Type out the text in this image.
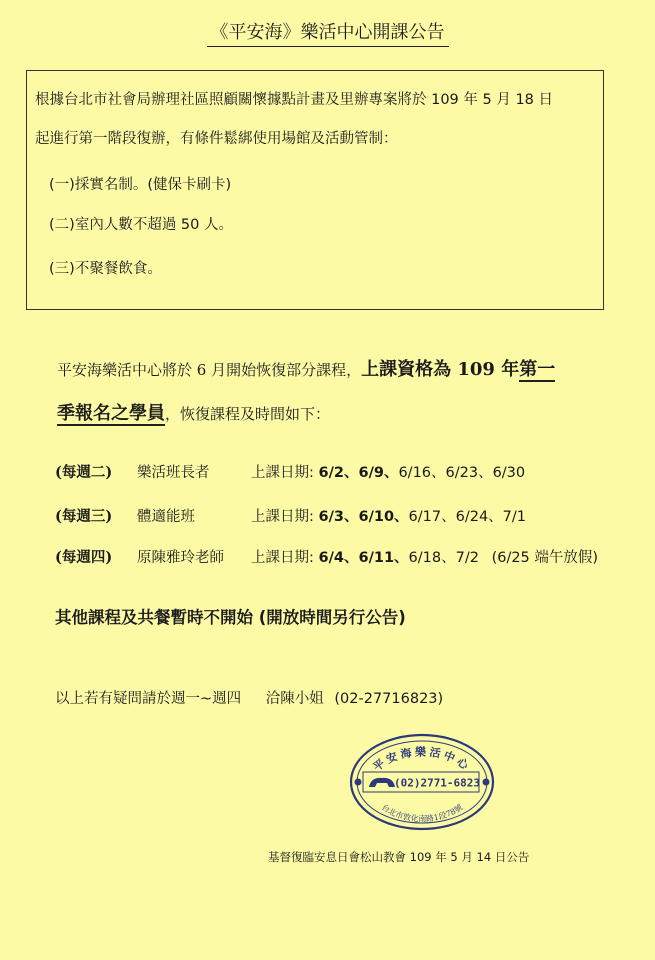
《平安海》樂活中心開課公告
根據台北市社會局辦理社區照顧關懷據點計畫及里辦專案將於 109 年 5 月 18 日
起進行第一階段復辦，有條件鬆綁使用場館及活動管制：
(一)採實名制。(健保卡刷卡)
(二)室內人數不超過 50 人。
(三)不聚餐飲食。
平安海樂活中心將於 6 月開始恢復部分課程，上課資格為 109 年第一
季報名之學員，恢復課程及時間如下：
(每週二) 樂活班長者	上課日期: 6/2、6/9、6/16、6/23、6/30
(每週三) 體適能班	上課日期: 6/3、6/10、6/17、6/24、7/1
(每週四) 原陳雅玲老師 上課日期: 6/4、6/11、6/18、7/2 (6/25 端午放假)
其他課程及共餐暫時不開始 (開放時間另行公告)
以上若有疑問請於週一~週四 洽陳小姐 (02-27716823)
平安海樂活中心
(02)2771-6823
台北市敦化南路1段78號
基督復臨安息日會松山教會 109 年 5 月 14 日公告
